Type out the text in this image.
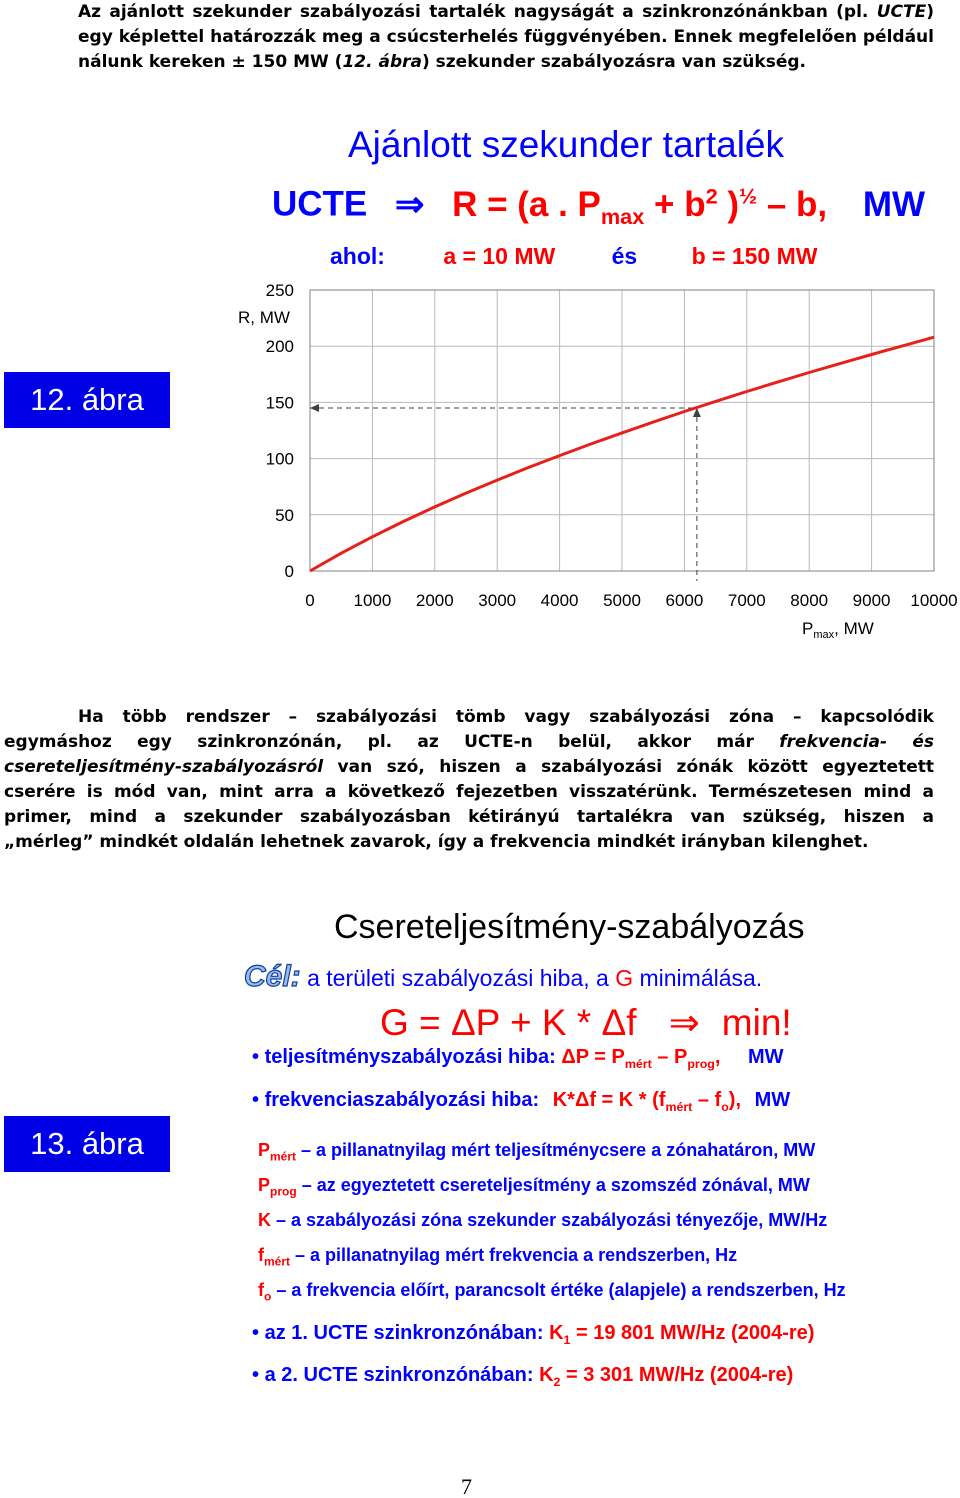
Az ajánlott szekunder szabályozási tartalék nagyságát a szinkronzónánkban (pl. UCTE)
egy képlettel határozzák meg a csúcsterhelés függvényében. Ennek megfelelően például
nálunk kereken ± 150 MW (12. ábra) szekunder szabályozásra van szükség.
12. ábra
Ajánlott szekunder tartalék
UCTE ⇒ R = (a . $P_{max} + b^2$ )$^{\frac{1}{2}}$ – b, MW
ahol:	a = 10 MW és b = 150 MW
0
50
100
150
200
250
0 1000 2000 3000 4000 5000 6000 7000 8000 9000 10000
R, MW
$P_{max}$, MW
Ha több rendszer – szabályozási tömb vagy szabályozási zóna – kapcsolódik
egymáshoz egy szinkronzónán, pl. az UCTE-n belül, akkor már frekvencia- és
csereteljesítmény-szabályozásról van szó, hiszen a szabályozási zónák között egyeztetett
cserére is mód van, mint arra a következő fejezetben visszatérünk. Természetesen mind a
primer, mind a szekunder szabályozásban kétirányú tartalékra van szükség, hiszen a
„mérleg” mindkét oldalán lehetnek zavarok, így a frekvencia mindkét irányban kilenghet.
13. ábra
Csereteljesítmény-szabályozás
Cél: a területi szabályozási hiba, a G minimálása.
G = ΔP + K * Δf ⇒ min!
• teljesítményszabályozási hiba: $\Delta P = P_{mért} - P_{prog}$, MW
• frekvenciaszabályozási hiba: $K*\Delta f = K * (f_{mért} - f_o)$, MW
$P_{mért}$ – a pillanatnyilag mért teljesítménycsere a zónahatáron, MW
$P_{prog}$ – az egyeztetett csereteljesítmény a szomszéd zónával, MW
K – a szabályozási zóna szekunder szabályozási tényezője, MW/Hz
$f_{mért}$ – a pillanatnyilag mért frekvencia a rendszerben, Hz
$f_o$ – a frekvencia előírt, parancsolt értéke (alapjele) a rendszerben, Hz
• az 1. UCTE szinkronzónában: $K_1 = 19$ 801 MW/Hz (2004-re)
• a 2. UCTE szinkronzónában: $K_2 = 3$ 301 MW/Hz (2004-re)
7
